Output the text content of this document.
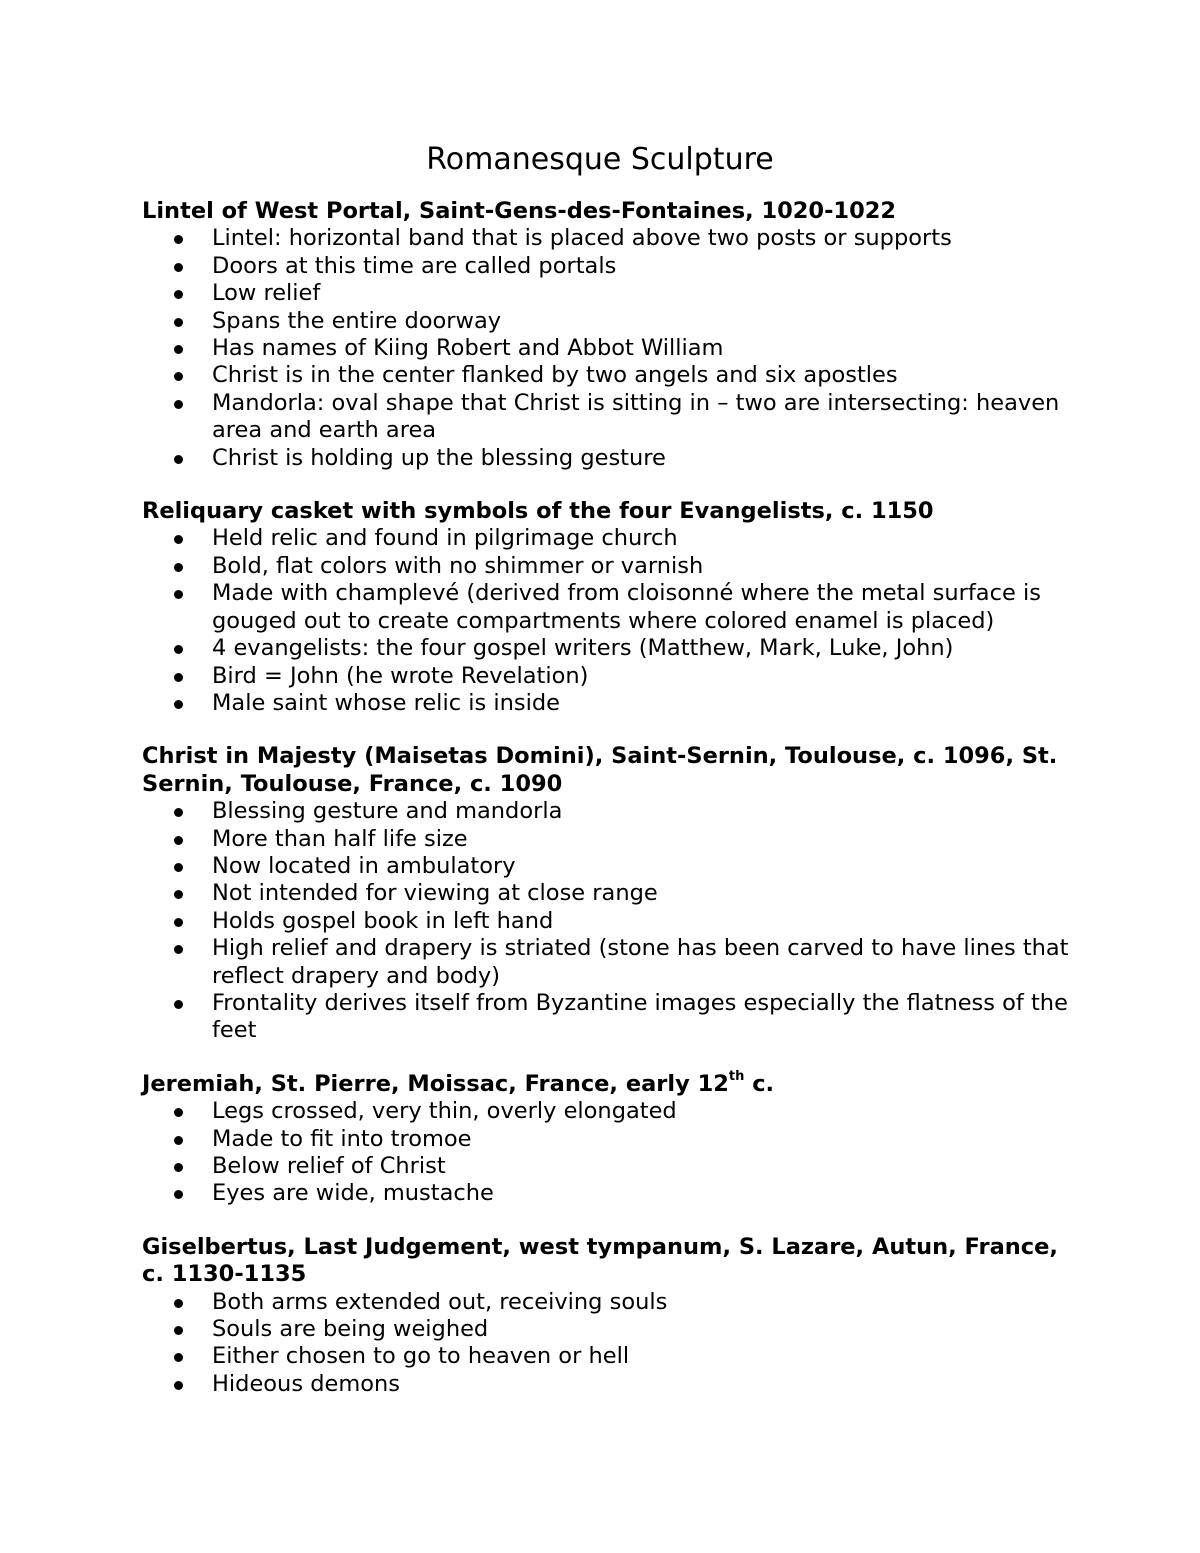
Romanesque Sculpture

Lintel of West Portal, Saint-Gens-des-Fontaines, 1020-1022

Lintel: horizontal band that is placed above two posts or supports
Doors at this time are called portals
Low relief
Spans the entire doorway
Has names of Kiing Robert and Abbot William
Christ is in the center flanked by two angels and six apostles
Mandorla: oval shape that Christ is sitting in – two are intersecting: heaven area and earth area
Christ is holding up the blessing gesture

Reliquary casket with symbols of the four Evangelists, c. 1150

Held relic and found in pilgrimage church
Bold, flat colors with no shimmer or varnish
Made with champlevé (derived from cloisonné where the metal surface is gouged out to create compartments where colored enamel is placed)
4 evangelists: the four gospel writers (Matthew, Mark, Luke, John)
Bird = John (he wrote Revelation)
Male saint whose relic is inside

Christ in Majesty (Maisetas Domini), Saint-Sernin, Toulouse, c. 1096, St. Sernin, Toulouse, France, c. 1090

Blessing gesture and mandorla
More than half life size
Now located in ambulatory
Not intended for viewing at close range
Holds gospel book in left hand
High relief and drapery is striated (stone has been carved to have lines that reflect drapery and body)
Frontality derives itself from Byzantine images especially the flatness of the feet

Jeremiah, St. Pierre, Moissac, France, early 12th c.

Legs crossed, very thin, overly elongated
Made to fit into tromoe
Below relief of Christ
Eyes are wide, mustache

Giselbertus, Last Judgement, west tympanum, S. Lazare, Autun, France, c. 1130-1135

Both arms extended out, receiving souls
Souls are being weighed
Either chosen to go to heaven or hell
Hideous demons
